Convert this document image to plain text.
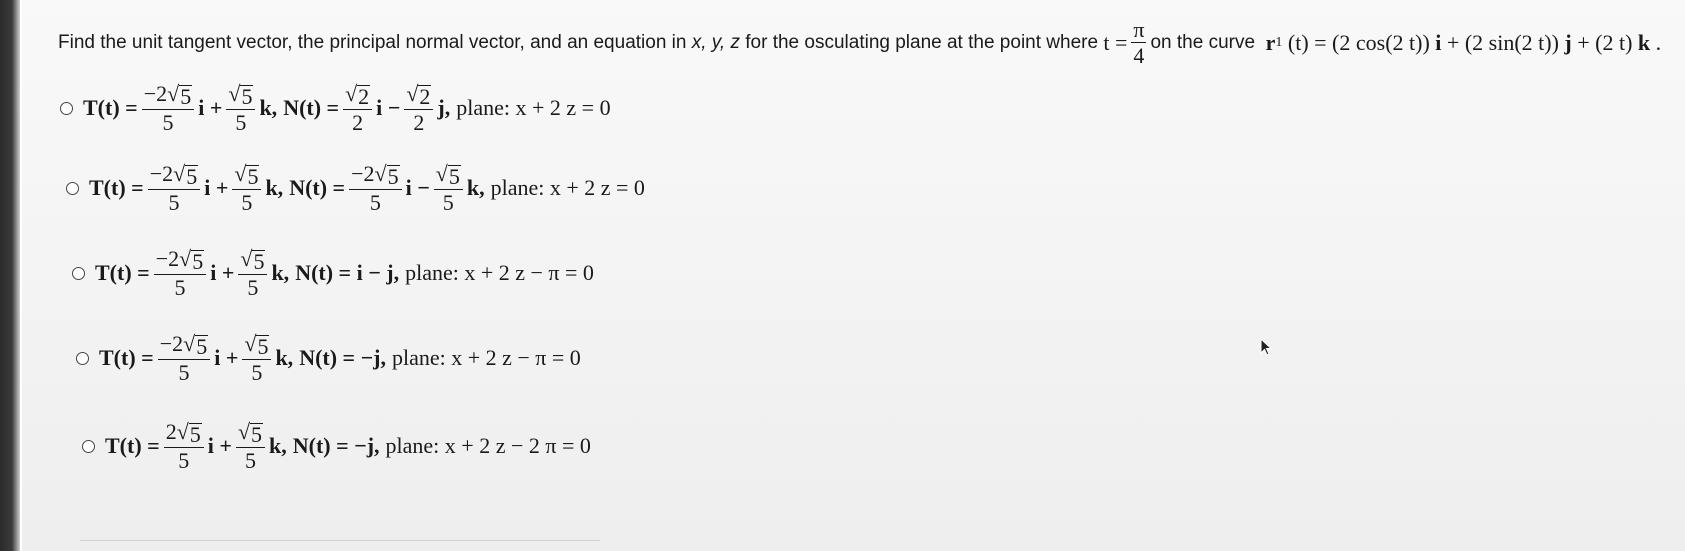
Find the unit tangent vector, the principal normal vector, and an equation in
x, y, z
for the osculating plane at the point where
$t = \frac{\pi}{4}$ on the curve
r 1
(t) = (2 cos(2 t))
i
+ (2 sin(2 t))
j
+ (2 t)
k
.
$T(t) = \frac{-2 √ 5}{5}$ $i + \frac{√ 5}{5} k$, $N(t) = \frac{√ 2}{2}$ $i - \frac{√ 2}{2} j$, plane: x + 2 z = 0
$T(t) = \frac{-2 √ 5}{5}$ $i + \frac{√ 5}{5} k$, $N(t) = \frac{-2 √ 5}{5}$ $i - \frac{√ 5}{5} k$, plane: x + 2 z = 0
$T(t) = \frac{-2 √ 5}{5}$ $i + \frac{√ 5}{5} k$, N(t) = i − j, plane: x + 2 z − π = 0
$T(t) = \frac{-2 √ 5}{5}$ $i + \frac{√ 5}{5} k$, N(t) = −j, plane: x + 2 z − π = 0
$T(t) = \frac{2 √ 5}{5}$ $i + \frac{√ 5}{5} k$, N(t) = −j, plane: x + 2 z − 2 π = 0
